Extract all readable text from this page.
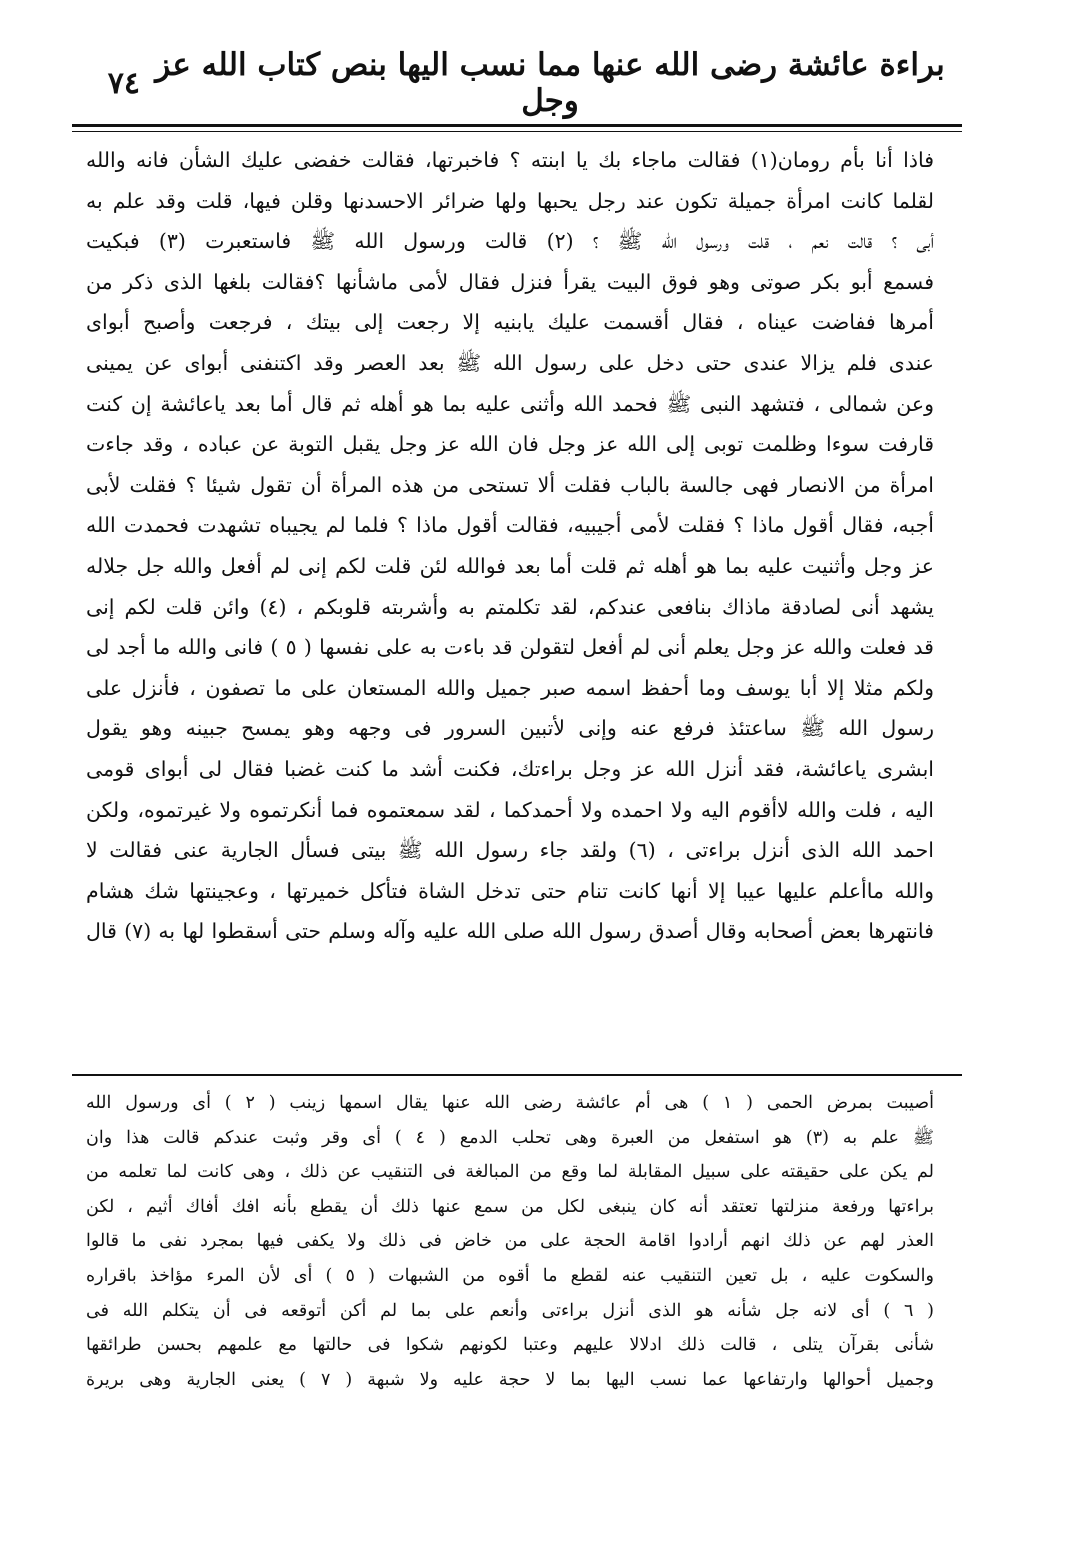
٧٤ براءة عائشة رضى الله عنها مما نسب اليها بنص كتاب الله عز وجل
فاذا أنا بأم رومان(١) فقالت ماجاء بك يا ابنته ؟ فاخبرتها، فقالت خفضى عليك الشأن فانه والله
لقلما كانت امرأة جميلة تكون عند رجل يحبها ولها ضرائر الاحسدنها وقلن فيها، قلت وقد علم به
أبى ؟ قالت نعم ، قلت ورسول الله ﷺ ؟ (٢) قالت ورسول الله ﷺ فاستعبرت (٣) فبكيت
فسمع أبو بكر صوتى وهو فوق البيت يقرأ فنزل فقال لأمى ماشأنها ؟فقالت بلغها الذى ذكر من
أمرها ففاضت عيناه ، فقال أقسمت عليك يابنيه إلا رجعت إلى بيتك ، فرجعت وأصبح أبواى
عندى فلم يزالا عندى حتى دخل على رسول الله ﷺ بعد العصر وقد اكتنفنى أبواى عن يمينى
وعن شمالى ، فتشهد النبى ﷺ فحمد الله وأثنى عليه بما هو أهله ثم قال أما بعد ياعائشة إن كنت
قارفت سوءا وظلمت توبى إلى الله عز وجل فان الله عز وجل يقبل التوبة عن عباده ، وقد جاءت
امرأة من الانصار فهى جالسة بالباب فقلت ألا تستحى من هذه المرأة أن تقول شيئا ؟ فقلت لأبى
أجبه، فقال أقول ماذا ؟ فقلت لأمى أجيبيه، فقالت أقول ماذا ؟ فلما لم يجيباه تشهدت فحمدت الله
عز وجل وأثنيت عليه بما هو أهله ثم قلت أما بعد فوالله لئن قلت لكم إنى لم أفعل والله جل جلاله
يشهد أنى لصادقة ماذاك بنافعى عندكم، لقد تكلمتم به وأشربته قلوبكم ، (٤) وائن قلت لكم إنى
قد فعلت والله عز وجل يعلم أنى لم أفعل لتقولن قد باءت به على نفسها ( ٥ ) فانى والله ما أجد لى
ولكم مثلا إلا أبا يوسف وما أحفظ اسمه صبر جميل والله المستعان على ما تصفون ، فأنزل على
رسول الله ﷺ ساعتئذ فرفع عنه وإنى لأتبين السرور فى وجهه وهو يمسح جبينه وهو يقول
ابشرى ياعائشة، فقد أنزل الله عز وجل براءتك، فكنت أشد ما كنت غضبا فقال لى أبواى قومى
اليه ، فلت والله لاأقوم اليه ولا احمده ولا أحمدكما ، لقد سمعتموه فما أنكرتموه ولا غيرتموه، ولكن
احمد الله الذى أنزل براءتى ، (٦) ولقد جاء رسول الله ﷺ بيتى فسأل الجارية عنى فقالت لا
والله ماأعلم عليها عيبا إلا أنها كانت تنام حتى تدخل الشاة فتأكل خميرتها ، وعجينتها شك هشام
فانتهرها بعض أصحابه وقال أصدق رسول الله صلى الله عليه وآله وسلم حتى أسقطوا لها به (٧) قال
أصيبت بمرض الحمى ( ١ ) هى أم عائشة رضى الله عنها يقال اسمها زينب ( ٢ ) أى ورسول الله
ﷺ علم به (٣) هو استفعل من العبرة وهى تحلب الدمع ( ٤ ) أى وقر وثبت عندكم قالت هذا وان
لم يكن على حقيقته على سبيل المقابلة لما وقع من المبالغة فى التنقيب عن ذلك ، وهى كانت لما تعلمه من
براءتها ورفعة منزلتها تعتقد أنه كان ينبغى لكل من سمع عنها ذلك أن يقطع بأنه افك أفاك أثيم ، لكن
العذر لهم عن ذلك انهم أرادوا اقامة الحجة على من خاض فى ذلك ولا يكفى فيها بمجرد نفى ما قالوا
والسكوت عليه ، بل تعين التنقيب عنه لقطع ما أقوه من الشبهات ( ٥ ) أى لأن المرء مؤاخذ باقراره
( ٦ ) أى لانه جل شأنه هو الذى أنزل براءتى وأنعم على بما لم أكن أتوقعه فى أن يتكلم الله فى
شأنى بقرآن يتلى ، قالت ذلك ادلالا عليهم وعتبا لكونهم شكوا فى حالتها مع علمهم بحسن طرائقها
وجميل أحوالها وارتفاعها عما نسب اليها بما لا حجة عليه ولا شبهة ( ٧ ) يعنى الجارية وهى بريرة
